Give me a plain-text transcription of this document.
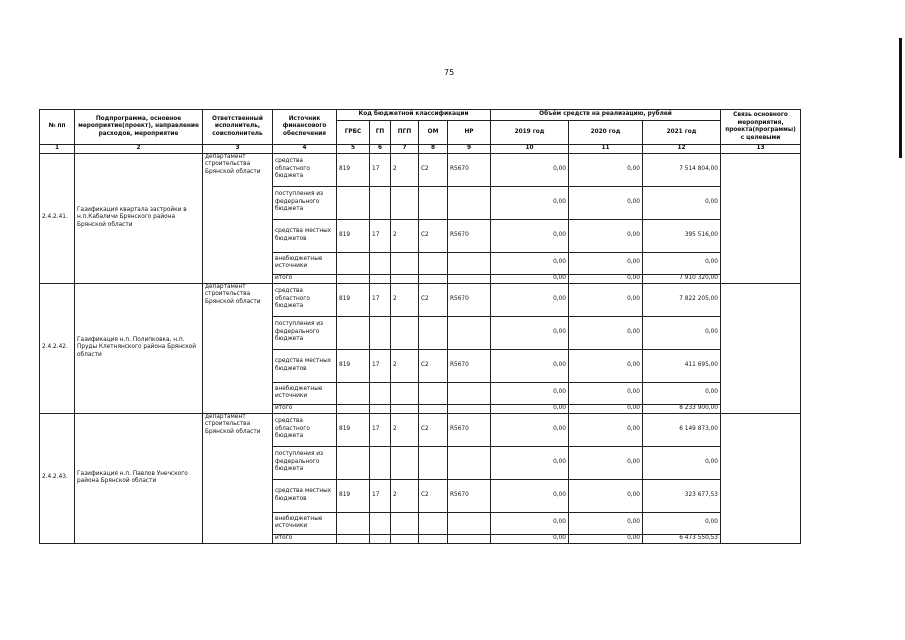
75
№ пп	Подпрограмма, основное мероприятие(проект), направление расходов, мероприятие	Ответственный исполнитель, соисполнитель	Источник финансового обеспечения	Код бюджетной классификации					Объём средств на реализацию, рублей			Связь основного мероприятия, проекта(программы) с целевыми
				ГРБС	ГП	ПГП	ОМ	НР	2019 год	2020 год	2021 год	
1	2	3	4	5	6	7	8	9	10	11	12	13
2.4.2.41.	Газификация квартала застройки в н.п.Кабаличи Брянского района Брянской области	департамент строительства Брянской области	средства областного бюджета	819	17	2	С2	R5670	0,00	0,00	7 514 804,00	
			поступления из федерального бюджета						0,00	0,00	0,00	
			средства местных бюджетов	819	17	2	С2	R5670	0,00	0,00	395 516,00	
			внебюджетные источники						0,00	0,00	0,00	
			итого						0,00	0,00	7 910 320,00	
2.4.2.42.	Газификация н.п. Полипковка, н.п. Пруды Клетнянского района Брянской области	департамент строительства Брянской области	средства областного бюджета	819	17	2	С2	R5670	0,00	0,00	7 822 205,00	
			поступления из федерального бюджета						0,00	0,00	0,00	
			средства местных бюджетов	819	17	2	С2	R5670	0,00	0,00	411 695,00	
			внебюджетные источники						0,00	0,00	0,00	
			итого						0,00	0,00	8 233 900,00	
2.4.2.43.	Газификация н.п. Павлов Унечского района Брянской области	департамент строительства Брянской области	средства областного бюджета	819	17	2	С2	R5670	0,00	0,00	6 149 873,00	
			поступления из федерального бюджета						0,00	0,00	0,00	
			средства местных бюджетов	819	17	2	С2	R5670	0,00	0,00	323 677,53	
			внебюджетные источники						0,00	0,00	0,00	
			итого						0,00	0,00	6 473 550,53	
